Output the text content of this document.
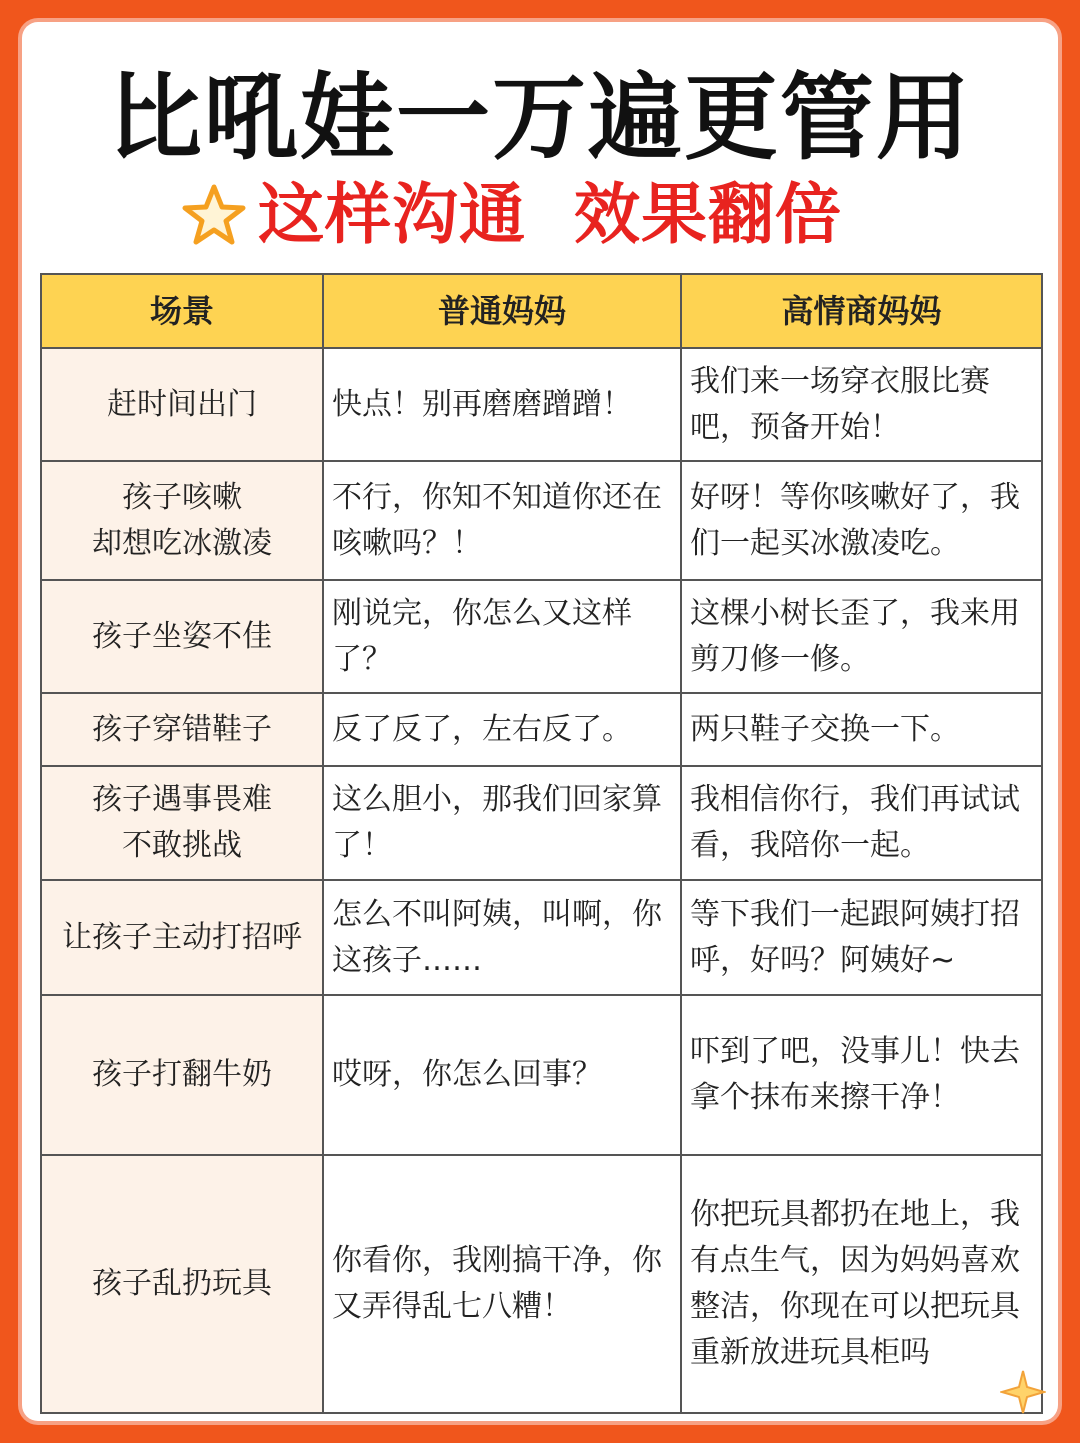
比吼娃一万遍更管用
这样沟通 效果翻倍
场景	普通妈妈	高情商妈妈

赶时间出门	快点！别再磨磨蹭蹭！	我们来一场穿衣服比赛吧，预备开始！

孩子咳嗽
却想吃冰激凌	不行，你知不知道你还在咳嗽吗？！	好呀！等你咳嗽好了，我们一起买冰激凌吃。

孩子坐姿不佳	刚说完，你怎么又这样了？	这棵小树长歪了，我来用剪刀修一修。

孩子穿错鞋子	反了反了，左右反了。	两只鞋子交换一下。

孩子遇事畏难
不敢挑战	这么胆小，那我们回家算了！	我相信你行，我们再试试看，我陪你一起。

让孩子主动打招呼	怎么不叫阿姨，叫啊，你这孩子……	等下我们一起跟阿姨打招呼，好吗？阿姨好~

孩子打翻牛奶	哎呀，你怎么回事？	吓到了吧，没事儿！快去拿个抹布来擦干净！

孩子乱扔玩具	你看你，我刚搞干净，你又弄得乱七八糟！	你把玩具都扔在地上，我有点生气，因为妈妈喜欢整洁，你现在可以把玩具重新放进玩具柜吗
